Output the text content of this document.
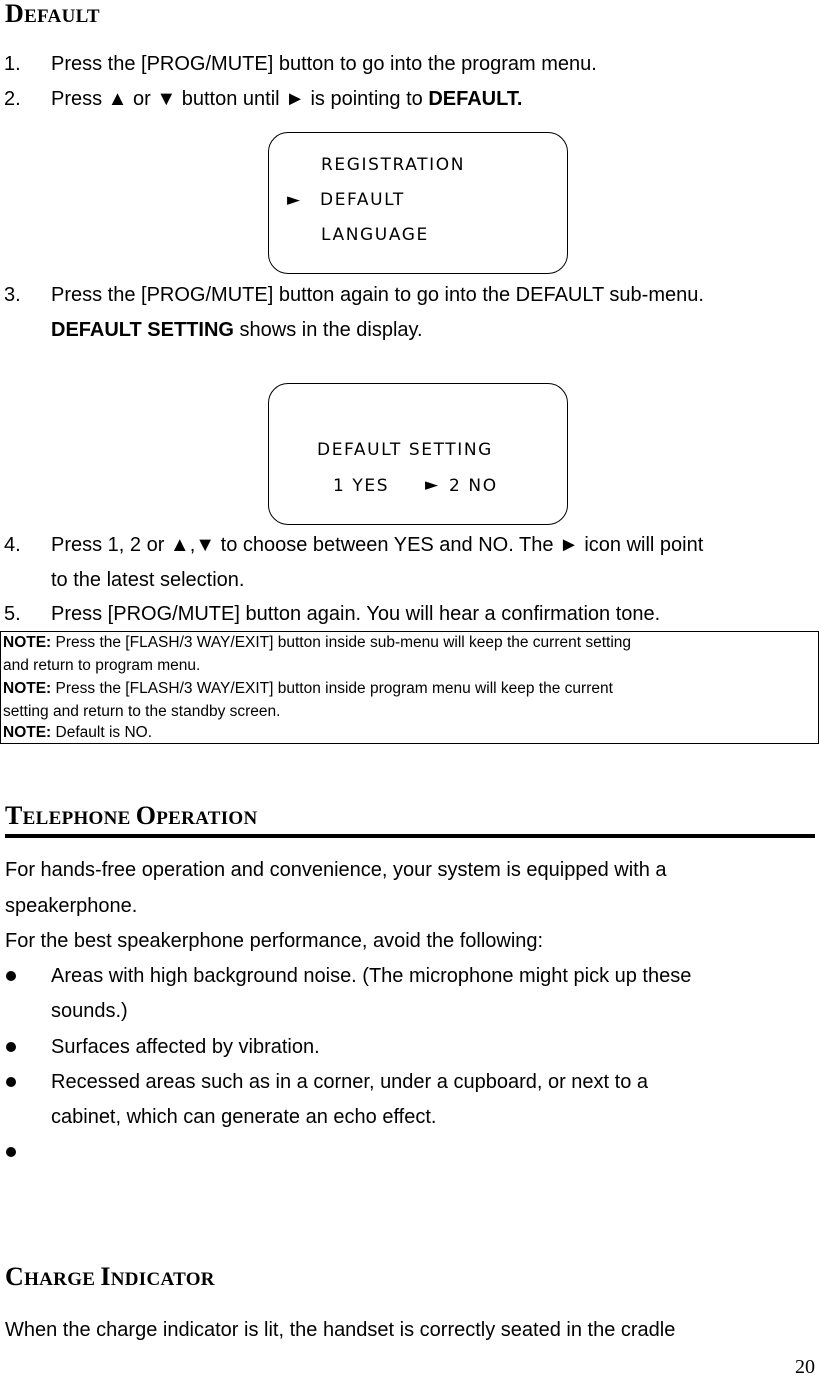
DEFAULT
1. Press the [PROG/MUTE] button to go into the program menu.
2. Press ▲ or ▼ button until ► is pointing to DEFAULT.
REGISTRATION
► DEFAULT
LANGUAGE
3. Press the [PROG/MUTE] button again to go into the DEFAULT sub-menu.
DEFAULT SETTING shows in the display.
DEFAULT SETTING
1 YES ► 2 NO
4. Press 1, 2 or ▲,▼ to choose between YES and NO. The ► icon will point
to the latest selection.
5. Press [PROG/MUTE] button again. You will hear a confirmation tone.
NOTE: Press the [FLASH/3 WAY/EXIT] button inside sub-menu will keep the current setting
and return to program menu.
NOTE: Press the [FLASH/3 WAY/EXIT] button inside program menu will keep the current
setting and return to the standby screen.
NOTE: Default is NO.
TELEPHONE OPERATION
For hands-free operation and convenience, your system is equipped with a
speakerphone.
For the best speakerphone performance, avoid the following:
Areas with high background noise. (The microphone might pick up these
sounds.)
Surfaces affected by vibration.
Recessed areas such as in a corner, under a cupboard, or next to a
cabinet, which can generate an echo effect.
CHARGE INDICATOR
When the charge indicator is lit, the handset is correctly seated in the cradle
20
